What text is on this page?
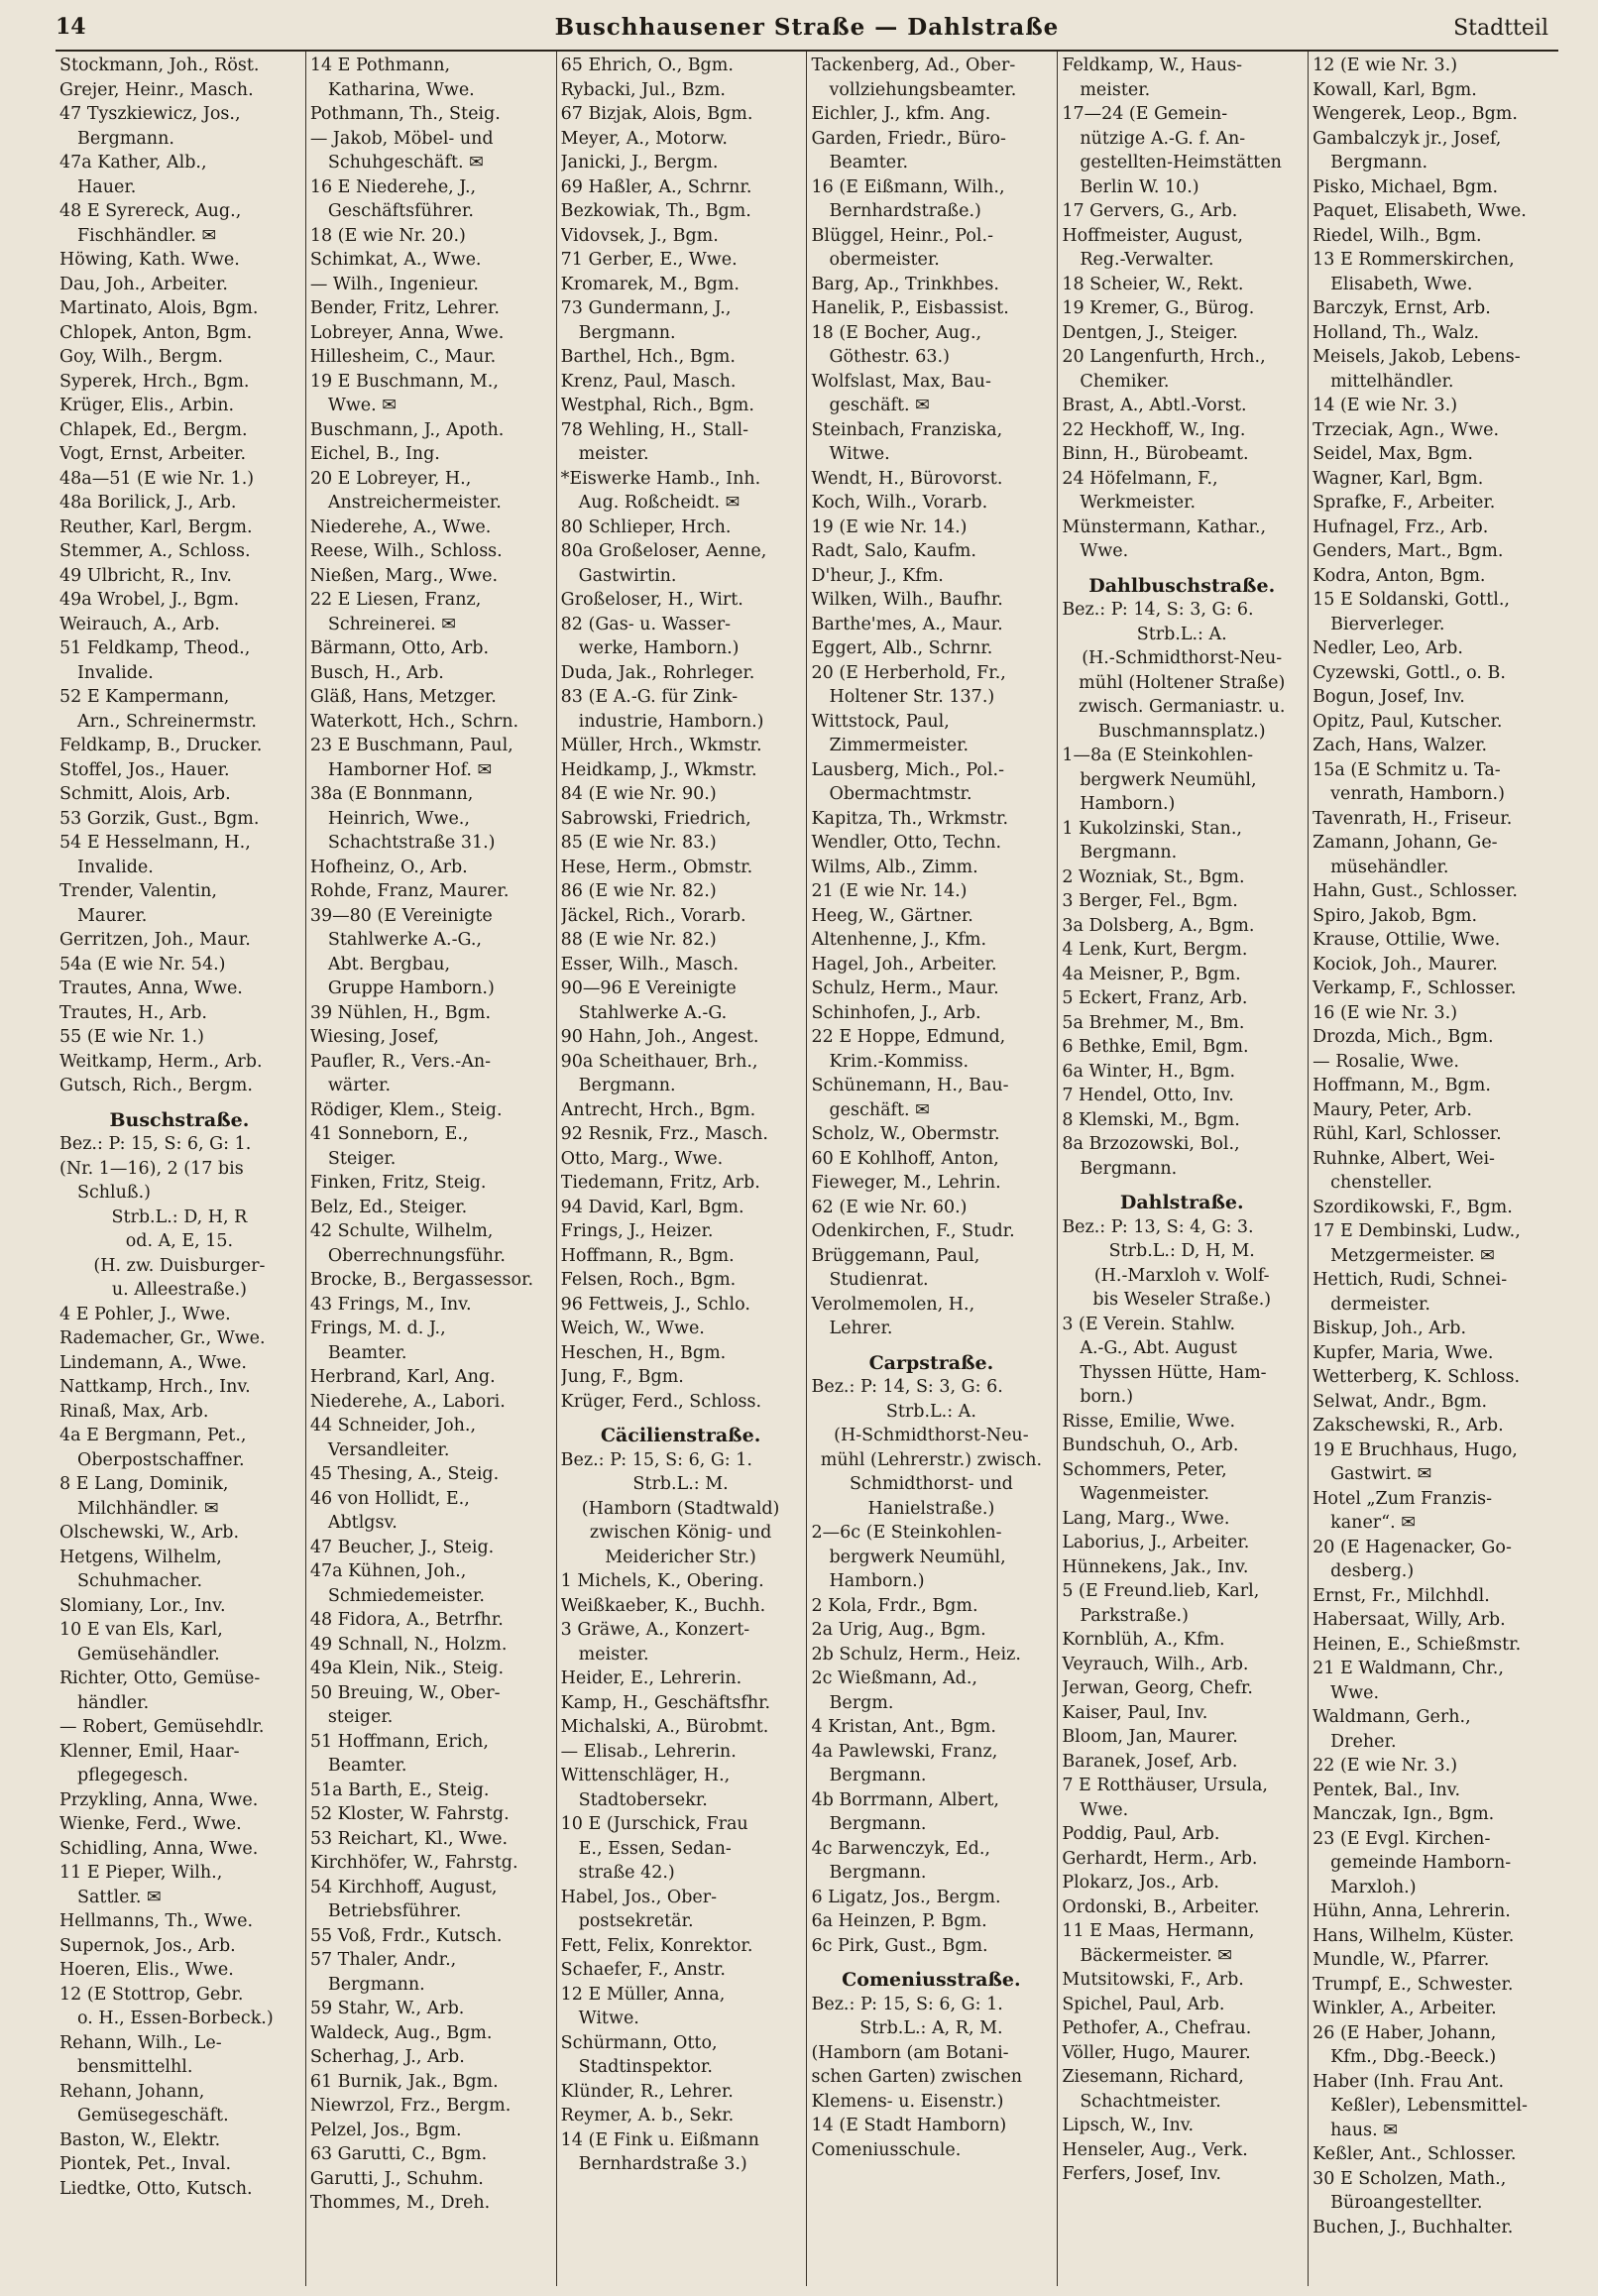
14	Buschhausener Straße — Dahlstraße	Stadtteil
Stockmann, Joh., Röst.
Grejer, Heinr., Masch.
47 Tyszkiewicz, Jos.,
Bergmann.
47a Kather, Alb.,
Hauer.
48 E Syrereck, Aug.,
Fischhändler. ✉
Höwing, Kath. Wwe.
Dau, Joh., Arbeiter.
Martinato, Alois, Bgm.
Chlopek, Anton, Bgm.
Goy, Wilh., Bergm.
Syperek, Hrch., Bgm.
Krüger, Elis., Arbin.
Chlapek, Ed., Bergm.
Vogt, Ernst, Arbeiter.
48a—51 (E wie Nr. 1.)
48a Borilick, J., Arb.
Reuther, Karl, Bergm.
Stemmer, A., Schloss.
49 Ulbricht, R., Inv.
49a Wrobel, J., Bgm.
Weirauch, A., Arb.
51 Feldkamp, Theod.,
Invalide.
52 E Kampermann,
Arn., Schreinermstr.
Feldkamp, B., Drucker.
Stoffel, Jos., Hauer.
Schmitt, Alois, Arb.
53 Gorzik, Gust., Bgm.
54 E Hesselmann, H.,
Invalide.
Trender, Valentin,
Maurer.
Gerritzen, Joh., Maur.
54a (E wie Nr. 54.)
Trautes, Anna, Wwe.
Trautes, H., Arb.
55 (E wie Nr. 1.)
Weitkamp, Herm., Arb.
Gutsch, Rich., Bergm.
Buschstraße.
Bez.: P: 15, S: 6, G: 1.
(Nr. 1—16), 2 (17 bis
Schluß.)
Strb.L.: D, H, R
od. A, E, 15.
(H. zw. Duisburger-
u. Alleestraße.)
4 E Pohler, J., Wwe.
Rademacher, Gr., Wwe.
Lindemann, A., Wwe.
Nattkamp, Hrch., Inv.
Rinaß, Max, Arb.
4a E Bergmann, Pet.,
Oberpostschaffner.
8 E Lang, Dominik,
Milchhändler. ✉
Olschewski, W., Arb.
Hetgens, Wilhelm,
Schuhmacher.
Slomiany, Lor., Inv.
10 E van Els, Karl,
Gemüsehändler.
Richter, Otto, Gemüse-
händler.
— Robert, Gemüsehdlr.
Klenner, Emil, Haar-
pflegegesch.
Przykling, Anna, Wwe.
Wienke, Ferd., Wwe.
Schidling, Anna, Wwe.
11 E Pieper, Wilh.,
Sattler. ✉
Hellmanns, Th., Wwe.
Supernok, Jos., Arb.
Hoeren, Elis., Wwe.
12 (E Stottrop, Gebr.
o. H., Essen-Borbeck.)
Rehann, Wilh., Le-
bensmittelhl.
Rehann, Johann,
Gemüsegeschäft.
Baston, W., Elektr.
Piontek, Pet., Inval.
Liedtke, Otto, Kutsch.
14 E Pothmann,
Katharina, Wwe.
Pothmann, Th., Steig.
— Jakob, Möbel- und
Schuhgeschäft. ✉
16 E Niederehe, J.,
Geschäftsführer.
18 (E wie Nr. 20.)
Schimkat, A., Wwe.
— Wilh., Ingenieur.
Bender, Fritz, Lehrer.
Lobreyer, Anna, Wwe.
Hillesheim, C., Maur.
19 E Buschmann, M.,
Wwe. ✉
Buschmann, J., Apoth.
Eichel, B., Ing.
20 E Lobreyer, H.,
Anstreichermeister.
Niederehe, A., Wwe.
Reese, Wilh., Schloss.
Nießen, Marg., Wwe.
22 E Liesen, Franz,
Schreinerei. ✉
Bärmann, Otto, Arb.
Busch, H., Arb.
Gläß, Hans, Metzger.
Waterkott, Hch., Schrn.
23 E Buschmann, Paul,
Hamborner Hof. ✉
38a (E Bonnmann,
Heinrich, Wwe.,
Schachtstraße 31.)
Hofheinz, O., Arb.
Rohde, Franz, Maurer.
39—80 (E Vereinigte
Stahlwerke A.-G.,
Abt. Bergbau,
Gruppe Hamborn.)
39 Nühlen, H., Bgm.
Wiesing, Josef,
Paufler, R., Vers.-An-
wärter.
Rödiger, Klem., Steig.
41 Sonneborn, E.,
Steiger.
Finken, Fritz, Steig.
Belz, Ed., Steiger.
42 Schulte, Wilhelm,
Oberrechnungsführ.
Brocke, B., Bergassessor.
43 Frings, M., Inv.
Frings, M. d. J.,
Beamter.
Herbrand, Karl, Ang.
Niederehe, A., Labori.
44 Schneider, Joh.,
Versandleiter.
45 Thesing, A., Steig.
46 von Hollidt, E.,
Abtlgsv.
47 Beucher, J., Steig.
47a Kühnen, Joh.,
Schmiedemeister.
48 Fidora, A., Betrfhr.
49 Schnall, N., Holzm.
49a Klein, Nik., Steig.
50 Breuing, W., Ober-
steiger.
51 Hoffmann, Erich,
Beamter.
51a Barth, E., Steig.
52 Kloster, W. Fahrstg.
53 Reichart, Kl., Wwe.
Kirchhöfer, W., Fahrstg.
54 Kirchhoff, August,
Betriebsführer.
55 Voß, Frdr., Kutsch.
57 Thaler, Andr.,
Bergmann.
59 Stahr, W., Arb.
Waldeck, Aug., Bgm.
Scherhag, J., Arb.
61 Burnik, Jak., Bgm.
Niewrzol, Frz., Bergm.
Pelzel, Jos., Bgm.
63 Garutti, C., Bgm.
Garutti, J., Schuhm.
Thommes, M., Dreh.
65 Ehrich, O., Bgm.
Rybacki, Jul., Bzm.
67 Bizjak, Alois, Bgm.
Meyer, A., Motorw.
Janicki, J., Bergm.
69 Haßler, A., Schrnr.
Bezkowiak, Th., Bgm.
Vidovsek, J., Bgm.
71 Gerber, E., Wwe.
Kromarek, M., Bgm.
73 Gundermann, J.,
Bergmann.
Barthel, Hch., Bgm.
Krenz, Paul, Masch.
Westphal, Rich., Bgm.
78 Wehling, H., Stall-
meister.
*Eiswerke Hamb., Inh.
Aug. Roßcheidt. ✉
80 Schlieper, Hrch.
80a Großeloser, Aenne,
Gastwirtin.
Großeloser, H., Wirt.
82 (Gas- u. Wasser-
werke, Hamborn.)
Duda, Jak., Rohrleger.
83 (E A.-G. für Zink-
industrie, Hamborn.)
Müller, Hrch., Wkmstr.
Heidkamp, J., Wkmstr.
84 (E wie Nr. 90.)
Sabrowski, Friedrich,
85 (E wie Nr. 83.)
Hese, Herm., Obmstr.
86 (E wie Nr. 82.)
Jäckel, Rich., Vorarb.
88 (E wie Nr. 82.)
Esser, Wilh., Masch.
90—96 E Vereinigte
Stahlwerke A.-G.
90 Hahn, Joh., Angest.
90a Scheithauer, Brh.,
Bergmann.
Antrecht, Hrch., Bgm.
92 Resnik, Frz., Masch.
Otto, Marg., Wwe.
Tiedemann, Fritz, Arb.
94 David, Karl, Bgm.
Frings, J., Heizer.
Hoffmann, R., Bgm.
Felsen, Roch., Bgm.
96 Fettweis, J., Schlo.
Weich, W., Wwe.
Heschen, H., Bgm.
Jung, F., Bgm.
Krüger, Ferd., Schloss.
Cäcilienstraße.
Bez.: P: 15, S: 6, G: 1.
Strb.L.: M.
(Hamborn (Stadtwald)
zwischen König- und
Meidericher Str.)
1 Michels, K., Obering.
Weißkaeber, K., Buchh.
3 Gräwe, A., Konzert-
meister.
Heider, E., Lehrerin.
Kamp, H., Geschäftsfhr.
Michalski, A., Bürobmt.
— Elisab., Lehrerin.
Wittenschläger, H.,
Stadtobersekr.
10 E (Jurschick, Frau
E., Essen, Sedan-
straße 42.)
Habel, Jos., Ober-
postsekretär.
Fett, Felix, Konrektor.
Schaefer, F., Anstr.
12 E Müller, Anna,
Witwe.
Schürmann, Otto,
Stadtinspektor.
Klünder, R., Lehrer.
Reymer, A. b., Sekr.
14 (E Fink u. Eißmann
Bernhardstraße 3.)
Tackenberg, Ad., Ober-
vollziehungsbeamter.
Eichler, J., kfm. Ang.
Garden, Friedr., Büro-
Beamter.
16 (E Eißmann, Wilh.,
Bernhardstraße.)
Blüggel, Heinr., Pol.-
obermeister.
Barg, Ap., Trinkhbes.
Hanelik, P., Eisbassist.
18 (E Bocher, Aug.,
Göthestr. 63.)
Wolfslast, Max, Bau-
geschäft. ✉
Steinbach, Franziska,
Witwe.
Wendt, H., Bürovorst.
Koch, Wilh., Vorarb.
19 (E wie Nr. 14.)
Radt, Salo, Kaufm.
D'heur, J., Kfm.
Wilken, Wilh., Baufhr.
Barthe'mes, A., Maur.
Eggert, Alb., Schrnr.
20 (E Herberhold, Fr.,
Holtener Str. 137.)
Wittstock, Paul,
Zimmermeister.
Lausberg, Mich., Pol.-
Obermachtmstr.
Kapitza, Th., Wrkmstr.
Wendler, Otto, Techn.
Wilms, Alb., Zimm.
21 (E wie Nr. 14.)
Heeg, W., Gärtner.
Altenhenne, J., Kfm.
Hagel, Joh., Arbeiter.
Schulz, Herm., Maur.
Schinhofen, J., Arb.
22 E Hoppe, Edmund,
Krim.-Kommiss.
Schünemann, H., Bau-
geschäft. ✉
Scholz, W., Obermstr.
60 E Kohlhoff, Anton,
Fieweger, M., Lehrin.
62 (E wie Nr. 60.)
Odenkirchen, F., Studr.
Brüggemann, Paul,
Studienrat.
Verolmemolen, H.,
Lehrer.
Carpstraße.
Bez.: P: 14, S: 3, G: 6.
Strb.L.: A.
(H-Schmidthorst-Neu-
mühl (Lehrerstr.) zwisch.
Schmidthorst- und
Hanielstraße.)
2—6c (E Steinkohlen-
bergwerk Neumühl,
Hamborn.)
2 Kola, Frdr., Bgm.
2a Urig, Aug., Bgm.
2b Schulz, Herm., Heiz.
2c Wießmann, Ad.,
Bergm.
4 Kristan, Ant., Bgm.
4a Pawlewski, Franz,
Bergmann.
4b Borrmann, Albert,
Bergmann.
4c Barwenczyk, Ed.,
Bergmann.
6 Ligatz, Jos., Bergm.
6a Heinzen, P. Bgm.
6c Pirk, Gust., Bgm.
Comeniusstraße.
Bez.: P: 15, S: 6, G: 1.
Strb.L.: A, R, M.
(Hamborn (am Botani-
schen Garten) zwischen
Klemens- u. Eisenstr.)
14 (E Stadt Hamborn)
Comeniusschule.
Feldkamp, W., Haus-
meister.
17—24 (E Gemein-
nützige A.-G. f. An-
gestellten-Heimstätten
Berlin W. 10.)
17 Gervers, G., Arb.
Hoffmeister, August,
Reg.-Verwalter.
18 Scheier, W., Rekt.
19 Kremer, G., Bürog.
Dentgen, J., Steiger.
20 Langenfurth, Hrch.,
Chemiker.
Brast, A., Abtl.-Vorst.
22 Heckhoff, W., Ing.
Binn, H., Bürobeamt.
24 Höfelmann, F.,
Werkmeister.
Münstermann, Kathar.,
Wwe.
Dahlbuschstraße.
Bez.: P: 14, S: 3, G: 6.
Strb.L.: A.
(H.-Schmidthorst-Neu-
mühl (Holtener Straße)
zwisch. Germaniastr. u.
Buschmannsplatz.)
1—8a (E Steinkohlen-
bergwerk Neumühl,
Hamborn.)
1 Kukolzinski, Stan.,
Bergmann.
2 Wozniak, St., Bgm.
3 Berger, Fel., Bgm.
3a Dolsberg, A., Bgm.
4 Lenk, Kurt, Bergm.
4a Meisner, P., Bgm.
5 Eckert, Franz, Arb.
5a Brehmer, M., Bm.
6 Bethke, Emil, Bgm.
6a Winter, H., Bgm.
7 Hendel, Otto, Inv.
8 Klemski, M., Bgm.
8a Brzozowski, Bol.,
Bergmann.
Dahlstraße.
Bez.: P: 13, S: 4, G: 3.
Strb.L.: D, H, M.
(H.-Marxloh v. Wolf-
bis Weseler Straße.)
3 (E Verein. Stahlw.
A.-G., Abt. August
Thyssen Hütte, Ham-
born.)
Risse, Emilie, Wwe.
Bundschuh, O., Arb.
Schommers, Peter,
Wagenmeister.
Lang, Marg., Wwe.
Laborius, J., Arbeiter.
Hünnekens, Jak., Inv.
5 (E Freund.lieb, Karl,
Parkstraße.)
Kornblüh, A., Kfm.
Veyrauch, Wilh., Arb.
Jerwan, Georg, Chefr.
Kaiser, Paul, Inv.
Bloom, Jan, Maurer.
Baranek, Josef, Arb.
7 E Rotthäuser, Ursula,
Wwe.
Poddig, Paul, Arb.
Gerhardt, Herm., Arb.
Plokarz, Jos., Arb.
Ordonski, B., Arbeiter.
11 E Maas, Hermann,
Bäckermeister. ✉
Mutsitowski, F., Arb.
Spichel, Paul, Arb.
Pethofer, A., Chefrau.
Völler, Hugo, Maurer.
Ziesemann, Richard,
Schachtmeister.
Lipsch, W., Inv.
Henseler, Aug., Verk.
Ferfers, Josef, Inv.
12 (E wie Nr. 3.)
Kowall, Karl, Bgm.
Wengerek, Leop., Bgm.
Gambalczyk jr., Josef,
Bergmann.
Pisko, Michael, Bgm.
Paquet, Elisabeth, Wwe.
Riedel, Wilh., Bgm.
13 E Rommerskirchen,
Elisabeth, Wwe.
Barczyk, Ernst, Arb.
Holland, Th., Walz.
Meisels, Jakob, Lebens-
mittelhändler.
14 (E wie Nr. 3.)
Trzeciak, Agn., Wwe.
Seidel, Max, Bgm.
Wagner, Karl, Bgm.
Sprafke, F., Arbeiter.
Hufnagel, Frz., Arb.
Genders, Mart., Bgm.
Kodra, Anton, Bgm.
15 E Soldanski, Gottl.,
Bierverleger.
Nedler, Leo, Arb.
Cyzewski, Gottl., o. B.
Bogun, Josef, Inv.
Opitz, Paul, Kutscher.
Zach, Hans, Walzer.
15a (E Schmitz u. Ta-
venrath, Hamborn.)
Tavenrath, H., Friseur.
Zamann, Johann, Ge-
müsehändler.
Hahn, Gust., Schlosser.
Spiro, Jakob, Bgm.
Krause, Ottilie, Wwe.
Kociok, Joh., Maurer.
Verkamp, F., Schlosser.
16 (E wie Nr. 3.)
Drozda, Mich., Bgm.
— Rosalie, Wwe.
Hoffmann, M., Bgm.
Maury, Peter, Arb.
Rühl, Karl, Schlosser.
Ruhnke, Albert, Wei-
chensteller.
Szordikowski, F., Bgm.
17 E Dembinski, Ludw.,
Metzgermeister. ✉
Hettich, Rudi, Schnei-
dermeister.
Biskup, Joh., Arb.
Kupfer, Maria, Wwe.
Wetterberg, K. Schloss.
Selwat, Andr., Bgm.
Zakschewski, R., Arb.
19 E Bruchhaus, Hugo,
Gastwirt. ✉
Hotel „Zum Franzis-
kaner“. ✉
20 (E Hagenacker, Go-
desberg.)
Ernst, Fr., Milchhdl.
Habersaat, Willy, Arb.
Heinen, E., Schießmstr.
21 E Waldmann, Chr.,
Wwe.
Waldmann, Gerh.,
Dreher.
22 (E wie Nr. 3.)
Pentek, Bal., Inv.
Manczak, Ign., Bgm.
23 (E Evgl. Kirchen-
gemeinde Hamborn-
Marxloh.)
Hühn, Anna, Lehrerin.
Hans, Wilhelm, Küster.
Mundle, W., Pfarrer.
Trumpf, E., Schwester.
Winkler, A., Arbeiter.
26 (E Haber, Johann,
Kfm., Dbg.-Beeck.)
Haber (Inh. Frau Ant.
Keßler), Lebensmittel-
haus. ✉
Keßler, Ant., Schlosser.
30 E Scholzen, Math.,
Büroangestellter.
Buchen, J., Buchhalter.
